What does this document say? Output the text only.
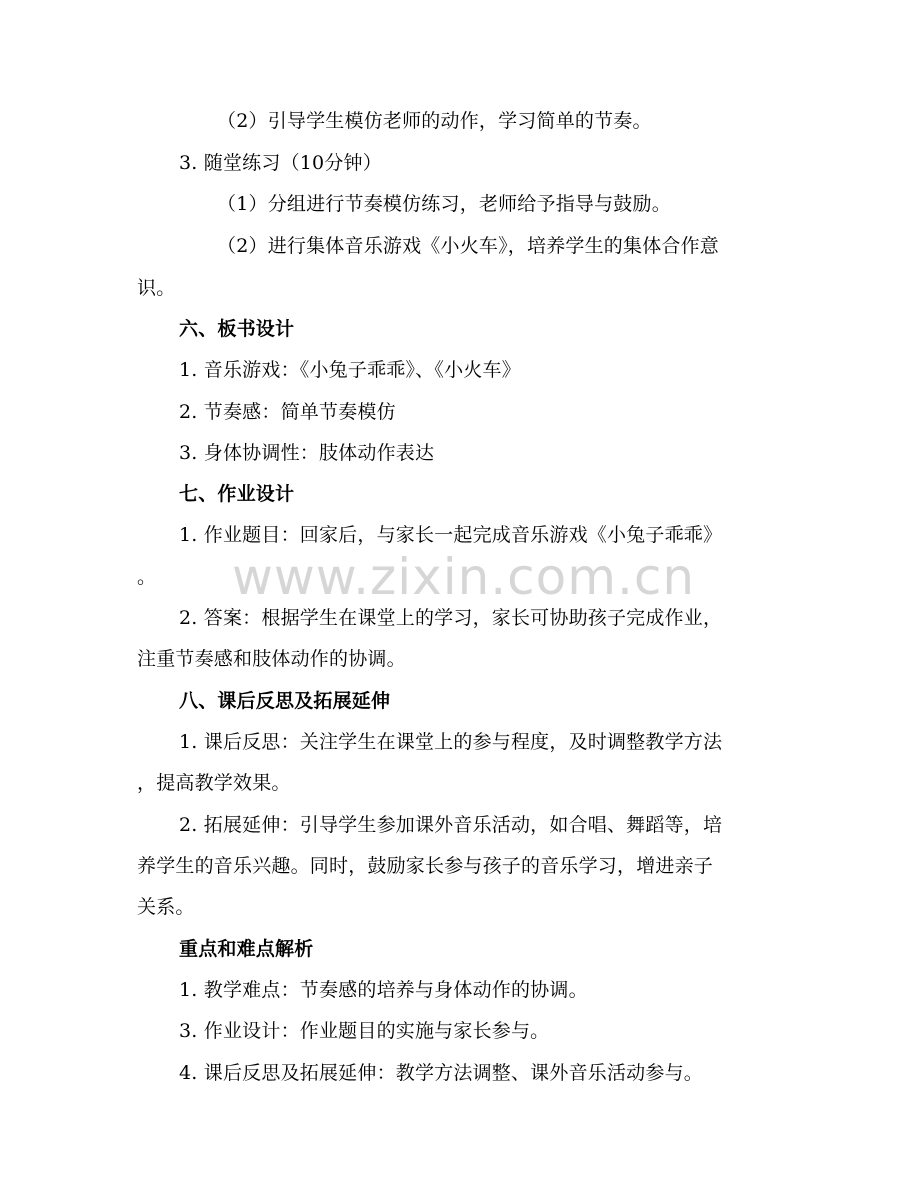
（2）引导学生模仿老师的动作，学习简单的节奏。
3. 随堂练习（10分钟）
（1）分组进行节奏模仿练习，老师给予指导与鼓励。
（2）进行集体音乐游戏《小火车》，培养学生的集体合作意
识。
六、板书设计
1. 音乐游戏：《小兔子乖乖》、《小火车》
2. 节奏感：简单节奏模仿
3. 身体协调性：肢体动作表达
七、作业设计
1. 作业题目：回家后，与家长一起完成音乐游戏《小兔子乖乖》
。
2. 答案：根据学生在课堂上的学习，家长可协助孩子完成作业，
注重节奏感和肢体动作的协调。
八、课后反思及拓展延伸
1. 课后反思：关注学生在课堂上的参与程度，及时调整教学方法
，提高教学效果。
2. 拓展延伸：引导学生参加课外音乐活动，如合唱、舞蹈等，培
养学生的音乐兴趣。同时，鼓励家长参与孩子的音乐学习，增进亲子
关系。
重点和难点解析
1. 教学难点：节奏感的培养与身体动作的协调。
3. 作业设计：作业题目的实施与家长参与。
4. 课后反思及拓展延伸：教学方法调整、课外音乐活动参与。
www.zixin.com.cn
